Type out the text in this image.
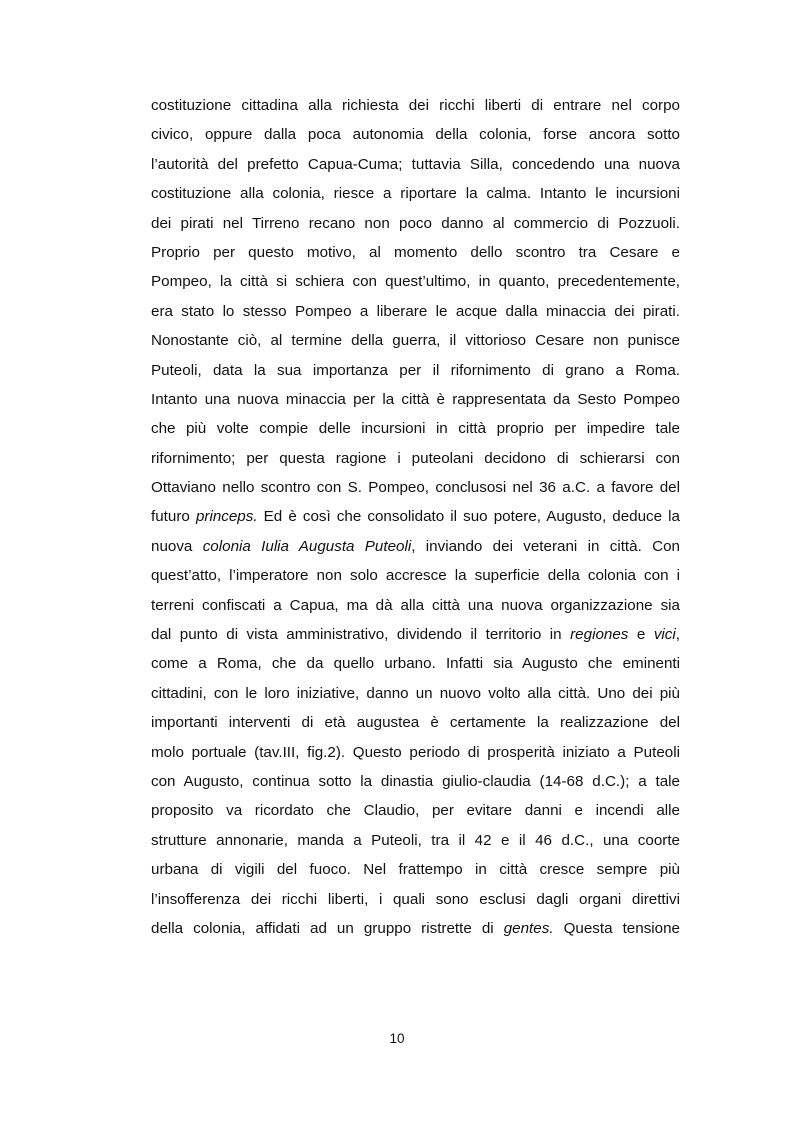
costituzione cittadina alla richiesta dei ricchi liberti di entrare nel corpo
civico, oppure dalla poca autonomia della colonia, forse ancora sotto
l’autorità del prefetto Capua-Cuma; tuttavia Silla, concedendo una nuova
costituzione alla colonia, riesce a riportare la calma. Intanto le incursioni
dei pirati nel Tirreno recano non poco danno al commercio di Pozzuoli.
Proprio per questo motivo, al momento dello scontro tra Cesare e
Pompeo, la città si schiera con quest’ultimo, in quanto, precedentemente,
era stato lo stesso Pompeo a liberare le acque dalla minaccia dei pirati.
Nonostante ciò, al termine della guerra, il vittorioso Cesare non punisce
Puteoli, data la sua importanza per il rifornimento di grano a Roma.
Intanto una nuova minaccia per la città è rappresentata da Sesto Pompeo
che più volte compie delle incursioni in città proprio per impedire tale
rifornimento; per questa ragione i puteolani decidono di schierarsi con
Ottaviano nello scontro con S. Pompeo, conclusosi nel 36 a.C. a favore del
futuro princeps. Ed è così che consolidato il suo potere, Augusto, deduce la
nuova colonia Iulia Augusta Puteoli, inviando dei veterani in città. Con
quest’atto, l’imperatore non solo accresce la superficie della colonia con i
terreni confiscati a Capua, ma dà alla città una nuova organizzazione sia
dal punto di vista amministrativo, dividendo il territorio in regiones e vici,
come a Roma, che da quello urbano. Infatti sia Augusto che eminenti
cittadini, con le loro iniziative, danno un nuovo volto alla città. Uno dei più
importanti interventi di età augustea è certamente la realizzazione del
molo portuale (tav.III, fig.2). Questo periodo di prosperità iniziato a Puteoli
con Augusto, continua sotto la dinastia giulio-claudia (14-68 d.C.); a tale
proposito va ricordato che Claudio, per evitare danni e incendi alle
strutture annonarie, manda a Puteoli, tra il 42 e il 46 d.C., una coorte
urbana di vigili del fuoco. Nel frattempo in città cresce sempre più
l’insofferenza dei ricchi liberti, i quali sono esclusi dagli organi direttivi
della colonia, affidati ad un gruppo ristrette di gentes. Questa tensione
10
